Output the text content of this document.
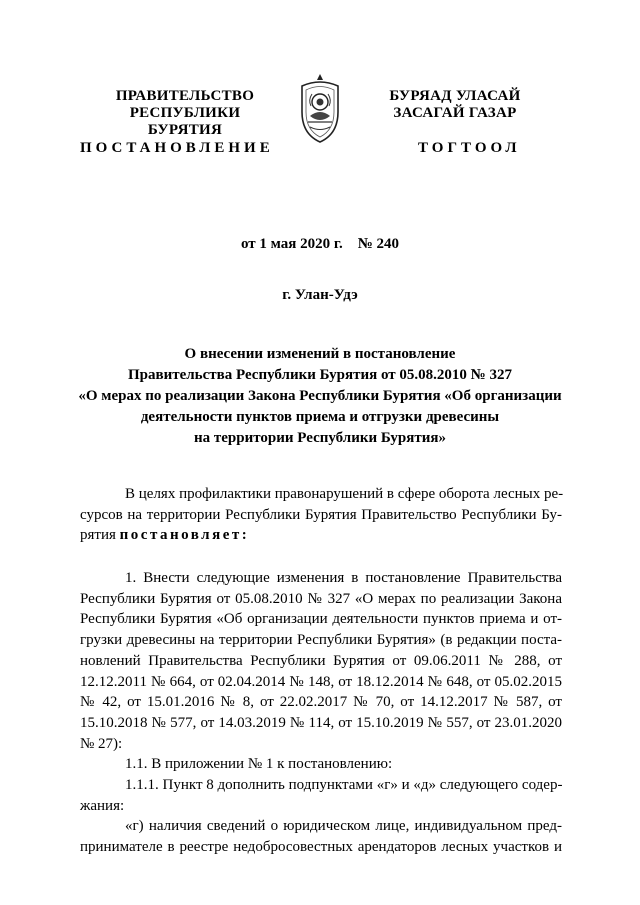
ПРАВИТЕЛЬСТВО
РЕСПУБЛИКИ БУРЯТИЯ
БУРЯАД УЛАСАЙ
ЗАСАГАЙ ГАЗАР
ПОСТАНОВЛЕНИЕ	ТОГТООЛ
от 1 мая 2020 г. № 240
г. Улан-Удэ
О внесении изменений в постановление
Правительства Республики Бурятия от 05.08.2010 № 327
«О мерах по реализации Закона Республики Бурятия «Об организации
деятельности пунктов приема и отгрузки древесины
на территории Республики Бурятия»
В целях профилактики правонарушений в сфере оборота лесных ре-
сурсов на территории Республики Бурятия Правительство Республики Бу-
рятия постановляет:
1. Внести следующие изменения в постановление Правительства
Республики Бурятия от 05.08.2010 № 327 «О мерах по реализации Закона
Республики Бурятия «Об организации деятельности пунктов приема и от-
грузки древесины на территории Республики Бурятия» (в редакции поста-
новлений Правительства Республики Бурятия от 09.06.2011 № 288, от
12.12.2011 № 664, от 02.04.2014 № 148, от 18.12.2014 № 648, от 05.02.2015
№ 42, от 15.01.2016 № 8, от 22.02.2017 № 70, от 14.12.2017 № 587, от
15.10.2018 № 577, от 14.03.2019 № 114, от 15.10.2019 № 557, от 23.01.2020
№ 27):
1.1. В приложении № 1 к постановлению:
1.1.1. Пункт 8 дополнить подпунктами «г» и «д» следующего содер-
жания:
«г) наличия сведений о юридическом лице, индивидуальном пред-
принимателе в реестре недобросовестных арендаторов лесных участков и
